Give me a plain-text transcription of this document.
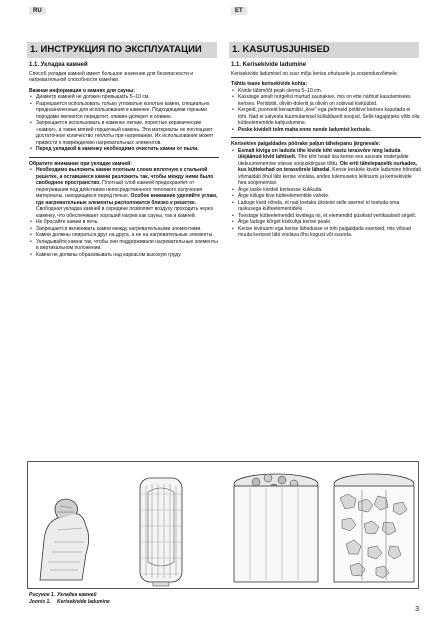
RU	ET
1. ИНСТРУКЦИЯ ПО ЭКСПЛУАТАЦИИ	1. KASUTUSJUHISED
1.1. Укладка камней
Способ укладки камней имеет большое значение для безопасности и нагревательной способности каменки.
Важная информация о камнях для сауны:
• Диаметр камней не должен превышать 5–10 см.
• Разрешается использовать только угловатые колотые камни, специально предназначенные для использования в каменке. Подходящими горными породами являются перидотит, оливин-долерит и оливин.
• Запрещается использовать в каменке легкие, пористые керамические «камни», а также мягкий горшечный камень. Эти материалы не поглощают достаточное количество теплоты при нагревании. Их использование может привести к повреждению нагревательных элементов.
• Перед укладкой в каменку необходимо очистить камни от пыли.
Обратите внимание при укладке камней:
• Необходимо выложить камни плотным слоем вплотную к стальной решетке, а оставшиеся камни разложить так, чтобы между ними было свободное пространство. Плотный слой камней предохраняет от перегревания под действием непосредственного теплового излучения материалы, находящиеся перед печью. Особое внимание уделяйте углам, где нагревательные элементы расположатся близко к решетке. Свободная укладка камней в середине позволяет воздуху проходить через каменку, что обеспечивает хороший нагрев как сауны, так и камней.
• Не бросайте камни в печь.
• Запрещается вклинивать камни между нагревательными элементами.
• Камни должны опираться друг на друга, а не на нагревательные элементы.
• Укладывайте камни так, чтобы они поддерживали нагревательные элементы в вертикальном положении.
• Камни не должны образовывать над каркасом высокую груду.
1.1. Kerisekivide ladumine
Kerisekivide ladumisel on suur mõju kerise ohutusele ja soojendusvõimele.
Tähtis teave kerisekivide kohta:
• Kivide läbimõõt peab olema 5–10 cm.
• Kasutage ainult nurgelisi murtud saunakive, mis on ette nähtud kasutamiseks kerises. Peridotiit, oliviin-doleriit ja oliviin on sobivad kivitüübid.
• Kergeid, poorseid keraamilisi „kive" ega pehmeid potikive kerises kasutada ei tohi. Nad ei salvesta kuumutamisel küllaldaselt soojust. Selle tagajärjeks võib olla kütteelementide kahjustumine.
• Peske kividelt tolm maha enne nende ladumist kerisele.
Kerisekive paigaldades pöörake paljun tähelepanu järgnevale:
• Esmalt kiviga on laduda tihe kivide kiht vastu terasvõre ning laduda ülejäänud kivid lahtiselt. Tihe kiht hoiab ära kerise ees asuvate materjalide ülekuumenemise otsese soojuskiirguse tõttu. Ole eriti tähelepanelik nurkades, kus küttekehad on terasvõrele lähedal. Kerise keskele kivide ladumine hõredalt võimaldab õhul läbi kerise voolata, andes tulemuseks leiliruumi ja kerisekivide hea soojenemise.
• Ärge laske kivideil kerisesse kukkuda.
• Ärge kiiluge kive kütteelementide vahele.
• Laduge kivid nõnda, et nad toetaks üksteist selle asemel et toetuda oma raskusega kütteelementidele.
• Toestage kütteelemendid kividega nii, et elemendid püsiksid vertikaalselt sirgelt.
• Ärge laduge kõrget kivikuhja kerise peale.
• Kerise kiviruumi ega kerise lähedusse ei tohi paigaldada esemeid, mis võivad muuta kerisest läbi voolava õhu kogust või suunda.
Рисунок 1. Укладка камней
Joonis 1. Kerisekivide ladumine
3
